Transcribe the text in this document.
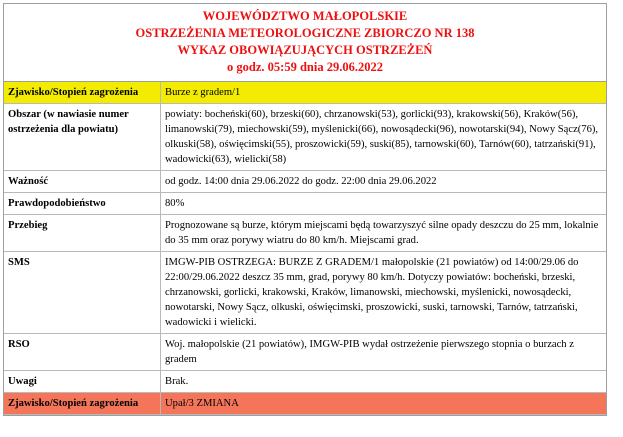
WOJEWÓDZTWO MAŁOPOLSKIE
OSTRZEŻENIA METEOROLOGICZNE ZBIORCZO NR 138
WYKAZ OBOWIĄZUJĄCYCH OSTRZEŻEŃ
o godz. 05:59 dnia 29.06.2022
Zjawisko/Stopień zagrożenia	Burze z gradem/1
Obszar (w nawiasie numer ostrzeżenia dla powiatu)	powiaty: bocheński(60), brzeski(60), chrzanowski(53), gorlicki(93), krakowski(56), Kraków(56), limanowski(79), miechowski(59), myślenicki(66), nowosądecki(96), nowotarski(94), Nowy Sącz(76), olkuski(58), oświęcimski(55), proszowicki(59), suski(85), tarnowski(60), Tarnów(60), tatrzański(91), wadowicki(63), wielicki(58)
Ważność	od godz. 14:00 dnia 29.06.2022 do godz. 22:00 dnia 29.06.2022
Prawdopodobieństwo	80%
Przebieg	Prognozowane są burze, którym miejscami będą towarzyszyć silne opady deszczu do 25 mm, lokalnie do 35 mm oraz porywy wiatru do 80 km/h. Miejscami grad.
SMS	IMGW-PIB OSTRZEGA: BURZE Z GRADEM/1 małopolskie (21 powiatów) od 14:00/29.06 do 22:00/29.06.2022 deszcz 35 mm, grad, porywy 80 km/h. Dotyczy powiatów: bocheński, brzeski, chrzanowski, gorlicki, krakowski, Kraków, limanowski, miechowski, myślenicki, nowosądecki, nowotarski, Nowy Sącz, olkuski, oświęcimski, proszowicki, suski, tarnowski, Tarnów, tatrzański, wadowicki i wielicki.
RSO	Woj. małopolskie (21 powiatów), IMGW-PIB wydał ostrzeżenie pierwszego stopnia o burzach z gradem
Uwagi	Brak.
Zjawisko/Stopień zagrożenia	Upał/3 ZMIANA
